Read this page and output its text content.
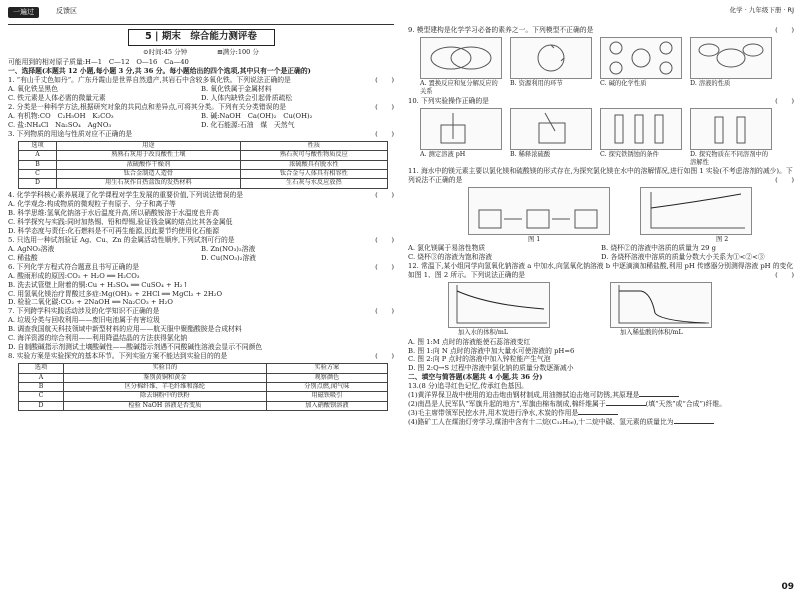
一遍过	反馈区
5 | 期末　综合能力测评卷
⊙时间:45 分钟	⊞满分:100 分

可能用到的相对原子质量:H—1　C—12　O—16　Ca—40

一、选择题(本题共 12 小题,每小题 3 分,共 36 分。每小题给出的四个选项,其中只有一个是正确的)

1. “有山千丈色如丹”。广东丹霞山是世界自然遗产,其岩石中含较多氧化铁。下列说法正确的是	(　　)

A. 氧化铁呈黑色	B. 氧化铁属于金属材料
C. 铁元素是人体必需的微量元素	D. 人体内缺铁会引起骨质疏松

2. 分类是一种科学方法,根据研究对象的共同点和差异点,可将其分类。下列有关分类错误的是	(　　)

A. 有机物:CO　C₂H₅OH　K₂CO₃	B. 碱:NaOH　Ca(OH)₂　 Cu(OH)₂
C. 盐:NH₄Cl　Na₂SO₄　AgNO₃	D. 化石能源:石油　煤　天然气

3. 下列物质的用途与性质对应不正确的是	(　　)

选项	用途	性质
A	熟熟石灰用于改良酸性土壤	熟石灰可与酸性物质反应
B	浓硫酸作干燥剂	浓硫酸具有脱水性
C	钛合金制造人造骨	钛合金与人体具有相容性
D	用生石灰作自热盒饭的发热材料	生石灰与水反应放热

4. 化学学科核心素养展现了化学课程对学生发展的重要价值,下列说法错误的是	(　　)

A. 化学观念:构成物质的微观粒子有原子、分子和离子等

B. 科学思维:氢氧化钠溶于水后温度升高,所以硝酸铵溶于水温度也升高

C. 科学探究与实践:同时加热锡、铅和焊锡,验证钱金属的熔点比其各金属低

D. 科学态度与责任:化石燃料是不可再生能源,因此要节约使用化石能源

5. 只选用一种试剂验证 Ag、Cu、Zn 的金属活动性顺序,下列试剂可行的是	(　　)

A. AgNO₃溶液	B. Zn(NO₃)₂溶液
C. 稀盐酸	D. Cu(NO₃)₂溶液

6. 下列化学方程式符合题意且书写正确的是	(　　)

A. 酸雨形成的原因:CO₂ + H₂O ══ H₂CO₃

B. 洗去试管壁上附着的铜:Cu + H₂SO₄ ══ CuSO₄ + H₂↑

C. 用氢氧化镁治疗胃酸过多症:Mg(OH)₂ + 2HCl ══ MgCl₂ + 2H₂O

D. 检验二氧化碳:CO₂ + 2NaOH ══ Na₂CO₃ + H₂O

7. 下列跨学科实践活动涉及的化学知识不正确的是	(　　)

A. 垃圾分类与回收利用——废旧电池属于有害垃圾

B. 调查我国航天科技领域中新型材料的应用——航天服中聚酯酸胺是合成材料

C. 海洋资源的综合利用——利用降温结晶的方法获得氯化钠

D. 自制酸碱指示剂测试土壤酸碱性——酸碱指示剂遇不同酸碱性溶液会显示不同颜色

8. 实验方案是实验探究的基本环节。下列实验方案不能达到实验目的的是	(　　)

选项	实验目的	实验方案
A	鉴别黄铜和黄金	观察颜色
B	区分棉纤维、羊毛纤维和涤纶	分别点燃,闻气味
C	除去铜粉中的铁粉	用磁铁吸引
D	检验 NaOH 溶液是否变质	加入硝酸钡溶液
化学 · 九年级下册 · RJ

9. 模型建构是化学学习必备的素养之一。下列模型不正确的是	(　　)

A. 置换反应和复分解反应的关系
B. 资源利用的环节	C. 碱的化学性质	D. 溶液的性质

10. 下列实验操作正确的是	(　　)

A. 测定溶液 pH	B. 稀释浓硫酸	C. 探究铁锈蚀的条件	D. 探究物质在不同溶剂中的溶解性

11. 海水中的镁元素主要以氯化镁和硫酸镁的形式存在,为探究氯化镁在水中的溶解情况,进行如图 1 实验(不考虑溶剂的减少)。下列说法不正确的是	(　　)

图 1	图 2
A. 氯化镁属于易溶性物质	B. 烧杯②的溶液中溶质的质量为 29 g
C. 烧杯③的溶液为饱和溶液	D. 各烧杯溶液中溶质的质量分数大小关系为①<②<③

12. 常温下,某小组同学向氢氧化钠溶液 a 中加水,向氢氧化钠溶液 b 中逐滴滴加稀盐酸,利用 pH 传感器分别测得溶液 pH 的变化如图 1、图 2 所示。下列说法正确的是	(　　)

加入水的体积/mL	加入稀盐酸的体积/mL

A. 图 1:M 点时的溶液能使石蕊溶液变红

B. 图 1:向 N 点时的溶液中加大量水可使溶液的 pH=6

C. 图 2:向 P 点时的溶液中加入锌粒能产生气泡

D. 图 2:Q→S 过程中溶液中氯化钠的质量分数逐渐减小

二、填空与简答题(本题共 4 小题,共 36 分)

13.(8 分)追寻红色记忆,传承红色基因。

(1)黄洋界保卫战中使用的迫击炮由钢材制成,用油擦拭迫击炮可防锈,其原理是

(2)南昌是人民军队“军旗升起的地方”,军旗由棉布制成,棉纤维属于	(填“天然”或“合成”)纤维。

(3)毛主席带领军民挖水井,用木炭进行净水,木炭的作用是

(4)路矿工人在煤油灯旁学习,煤油中含有十二烷(C₁₂H₂₆),十二烷中碳、氢元素的质量比为

09
